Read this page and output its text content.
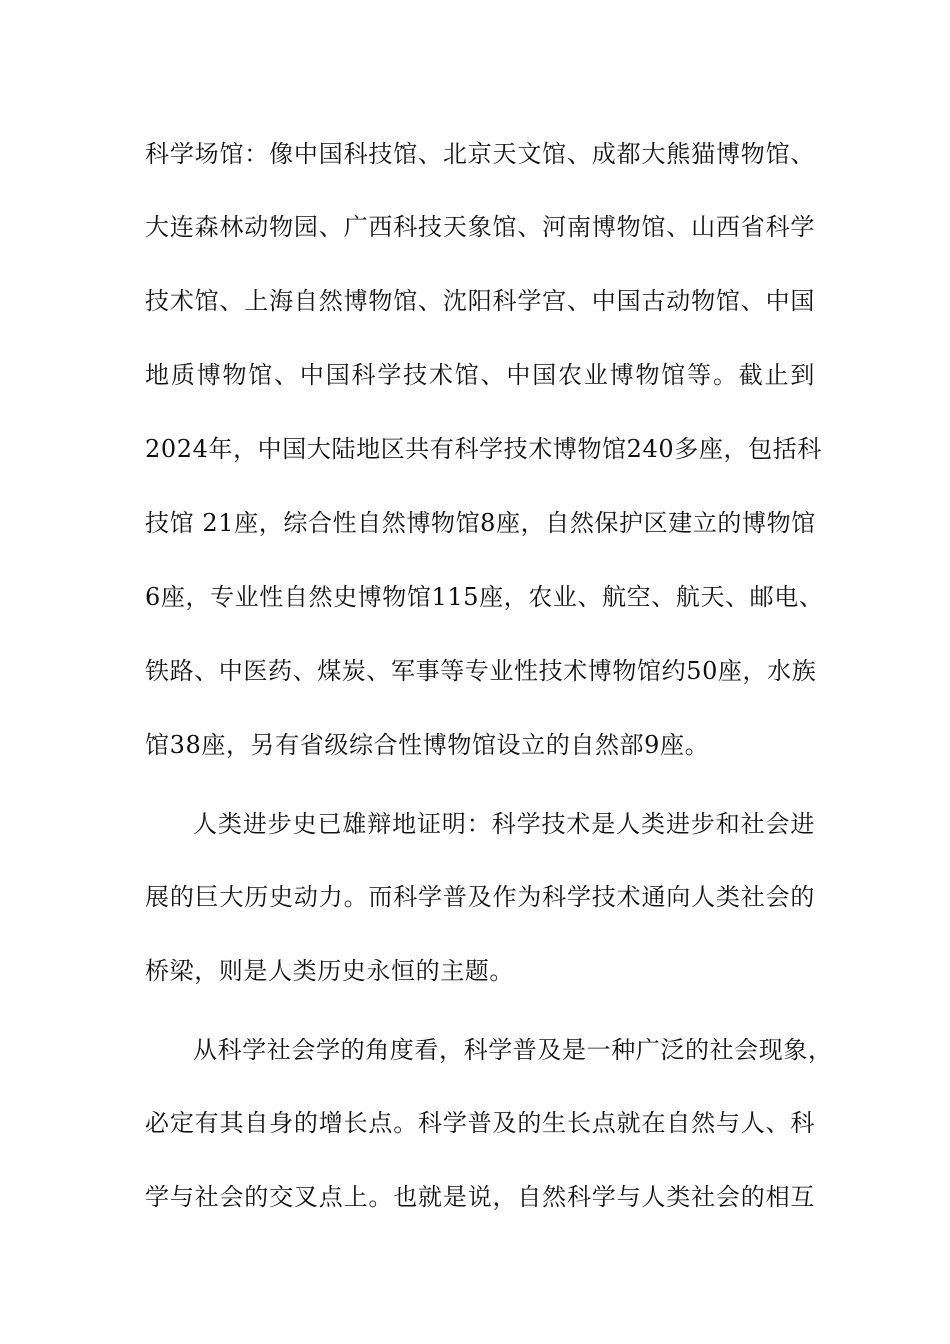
科学场馆：像中国科技馆、北京天文馆、成都大熊猫博物馆、
大连森林动物园、广西科技天象馆、河南博物馆、山西省科学
技术馆、上海自然博物馆、沈阳科学宫、中国古动物馆、中国
地质博物馆、中国科学技术馆、中国农业博物馆等。截止到
2024年，中国大陆地区共有科学技术博物馆240多座，包括科
技馆 21座，综合性自然博物馆8座，自然保护区建立的博物馆
6座，专业性自然史博物馆115座，农业、航空、航天、邮电、
铁路、中医药、煤炭、军事等专业性技术博物馆约50座，水族
馆38座，另有省级综合性博物馆设立的自然部9座。
人类进步史已雄辩地证明：科学技术是人类进步和社会进
展的巨大历史动力。而科学普及作为科学技术通向人类社会的
桥梁，则是人类历史永恒的主题。
从科学社会学的角度看，科学普及是一种广泛的社会现象，
必定有其自身的增长点。科学普及的生长点就在自然与人、科
学与社会的交叉点上。也就是说，自然科学与人类社会的相互
